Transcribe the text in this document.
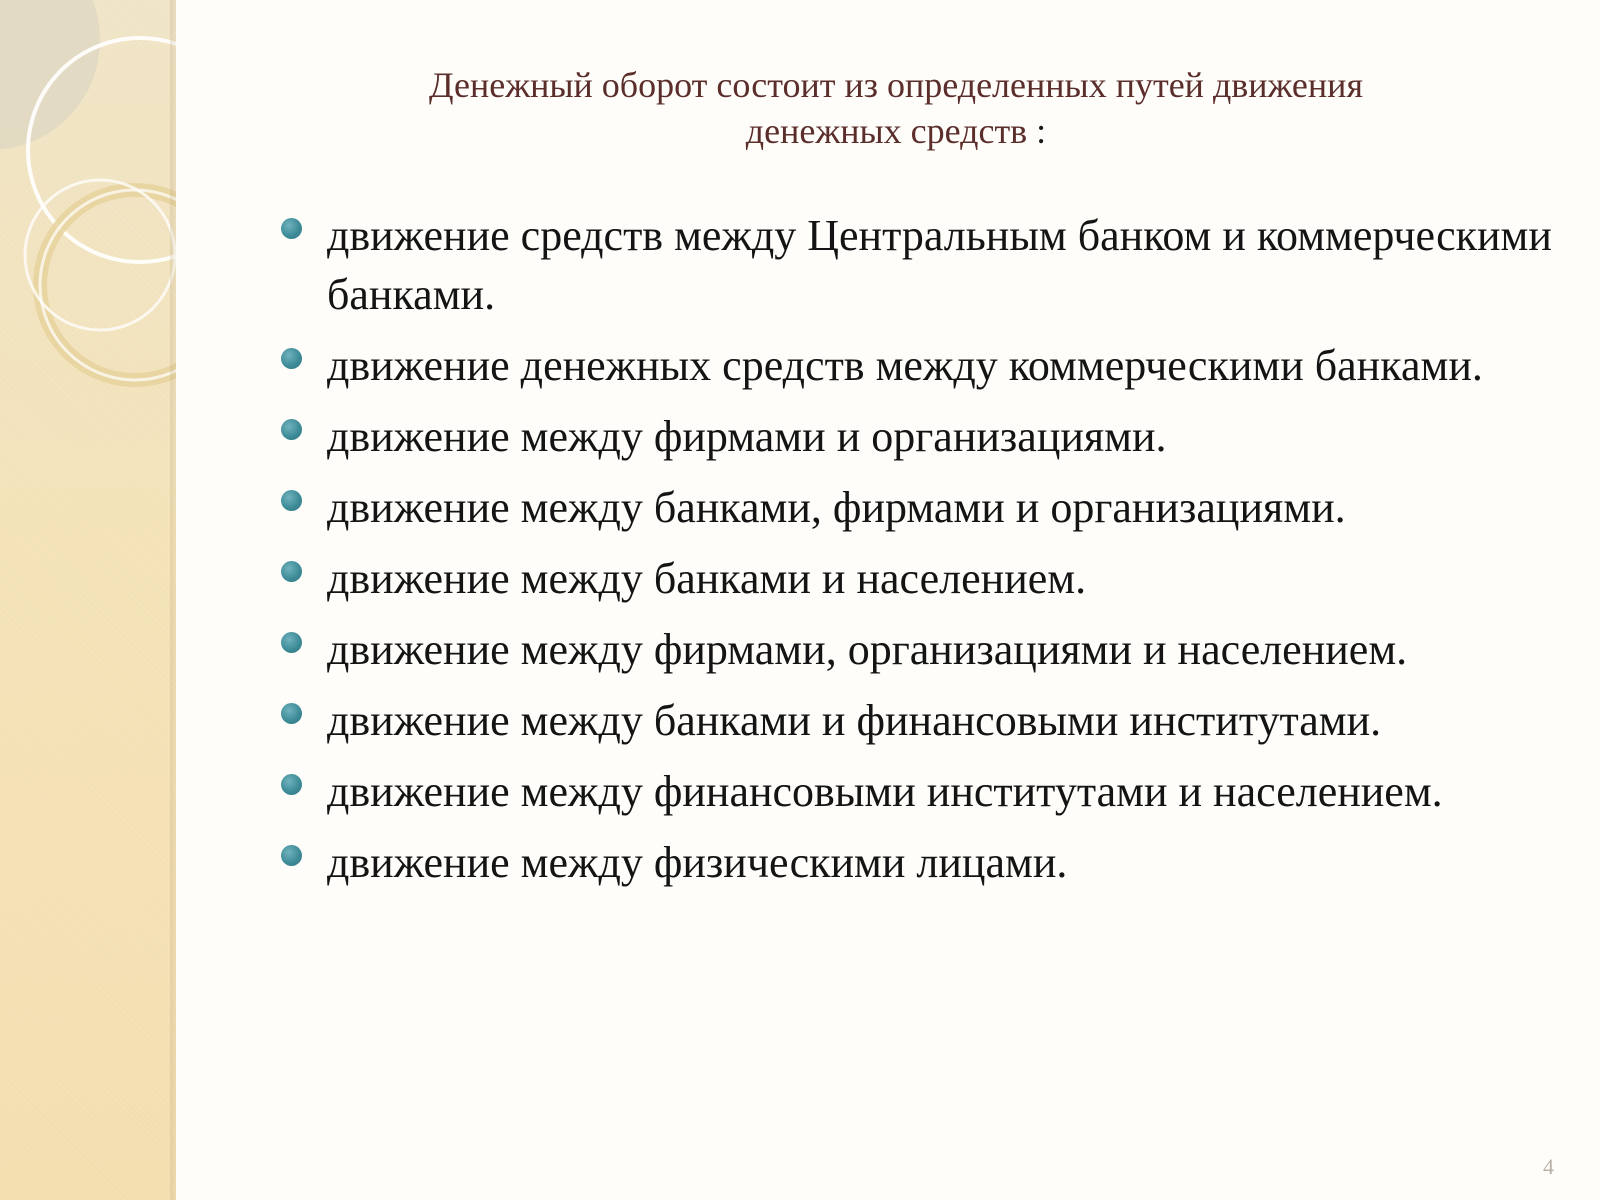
Денежный оборот состоит из определенных путей движения денежных средств :
движение средств между Центральным банком и коммерческими банками.
движение денежных средств между коммерческими банками.
движение между фирмами и организациями.
движение между банками, фирмами и организациями.
движение между банками и населением.
движение между фирмами, организациями и населением.
движение между банками и финансовыми институтами.
движение между финансовыми институтами и населением.
движение между физическими лицами.
4
